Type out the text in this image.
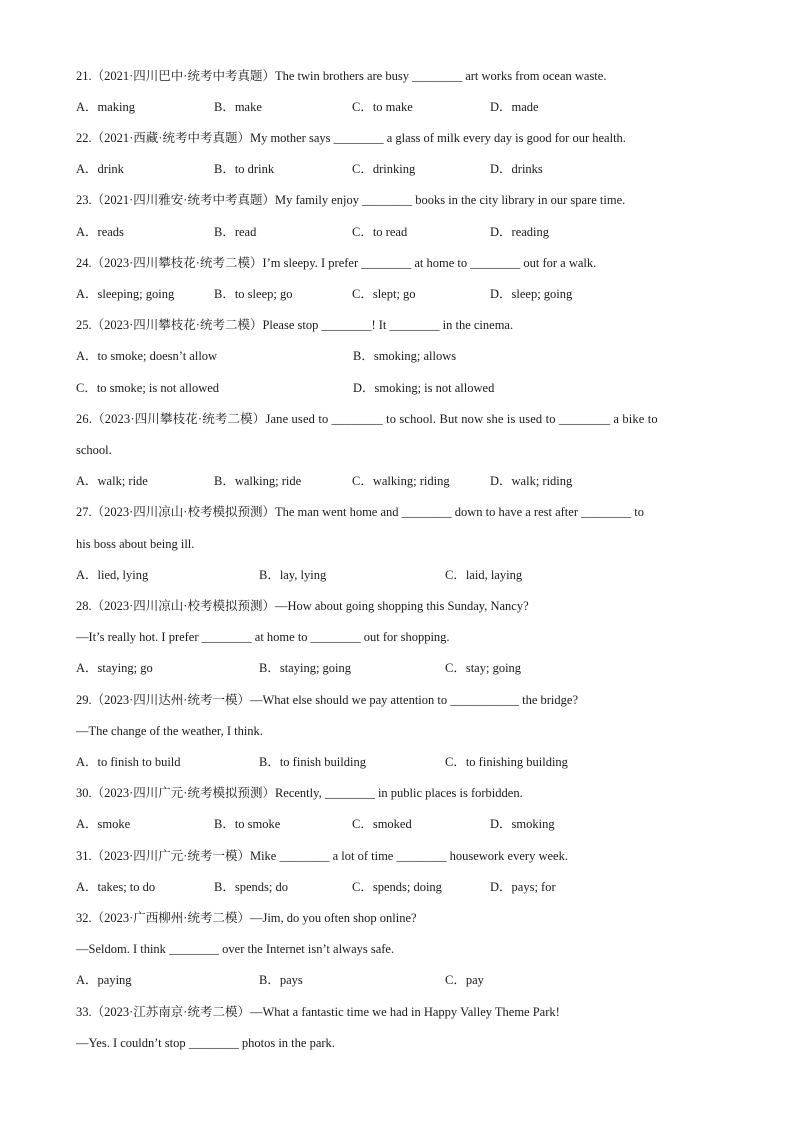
21.（2021·四川巴中·统考中考真题）The twin brothers are busy ________ art works from ocean waste.
A．making	B．make	C．to make	D．made
22.（2021·西藏·统考中考真题）My mother says ________ a glass of milk every day is good for our health.
A．drink	B．to drink	C．drinking	D．drinks
23.（2021·四川雅安·统考中考真题）My family enjoy ________ books in the city library in our spare time.
A．reads	B．read	C．to read	D．reading
24.（2023·四川攀枝花·统考二模）I’m sleepy. I prefer ________ at home to ________ out for a walk.
A．sleeping; going	B．to sleep; go	C．slept; go	D．sleep; going
25.（2023·四川攀枝花·统考二模）Please stop ________! It ________ in the cinema.
A．to smoke; doesn’t allow	B．smoking; allows
C．to smoke; is not allowed	D．smoking; is not allowed
26.（2023·四川攀枝花·统考二模）Jane used to ________ to school. But now she is used to ________ a bike to
school.
A．walk; ride	B．walking; ride	C．walking; riding	D．walk; riding
27.（2023·四川凉山·校考模拟预测）The man went home and ________ down to have a rest after ________ to
his boss about being ill.
A．lied, lying	B．lay, lying	C．laid, laying
28.（2023·四川凉山·校考模拟预测）—How about going shopping this Sunday, Nancy?
—It’s really hot. I prefer ________ at home to ________ out for shopping.
A．staying; go	B．staying; going	C．stay; going
29.（2023·四川达州·统考一模）—What else should we pay attention to ___________ the bridge?
—The change of the weather, I think.
A．to finish to build	B．to finish building	C．to finishing building
30.（2023·四川广元·统考模拟预测）Recently, ________ in public places is forbidden.
A．smoke	B．to smoke	C．smoked	D．smoking
31.（2023·四川广元·统考一模）Mike ________ a lot of time ________ housework every week.
A．takes; to do	B．spends; do	C．spends; doing	D．pays; for
32.（2023·广西柳州·统考二模）—Jim, do you often shop online?
—Seldom. I think ________ over the Internet isn’t always safe.
A．paying	B．pays	C．pay
33.（2023·江苏南京·统考二模）—What a fantastic time we had in Happy Valley Theme Park!
—Yes. I couldn’t stop ________ photos in the park.
